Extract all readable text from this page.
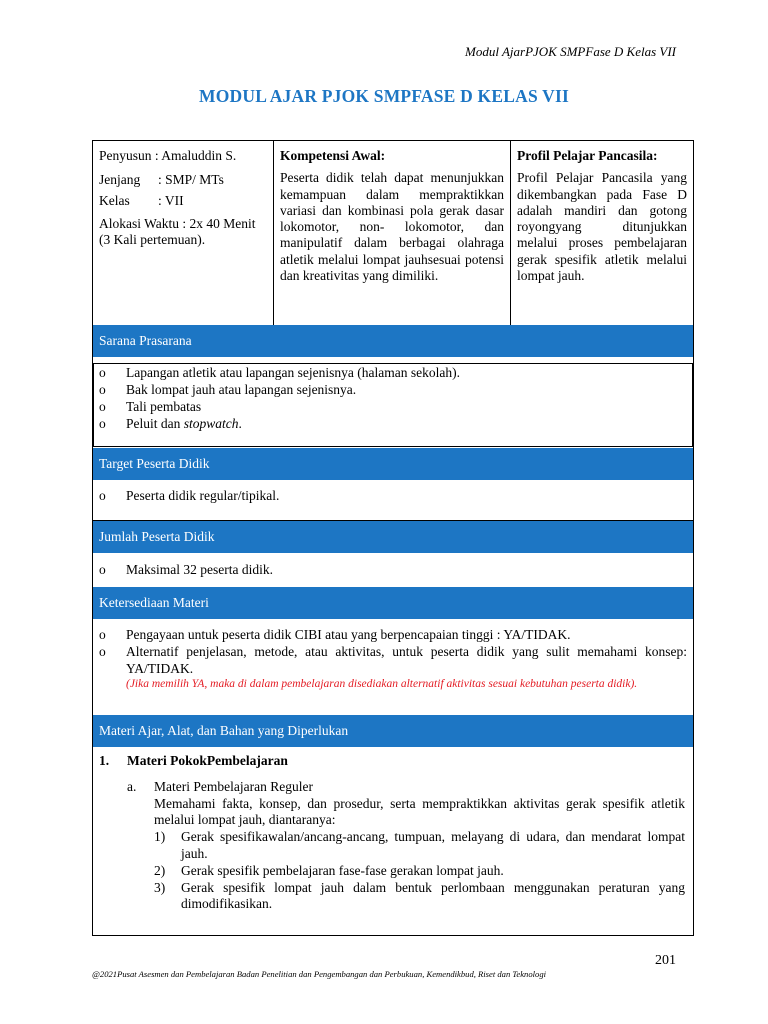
Modul AjarPJOK SMPFase D Kelas VII
MODUL AJAR PJOK SMPFASE D KELAS VII
Penyusun : Amaluddin S.
Jenjang : SMP/ MTs
Kelas : VII
Alokasi Waktu : 2x 40 Menit (3 Kali pertemuan).
Kompetensi Awal:
Peserta didik telah dapat menunjukkan kemampuan dalam mempraktikkan variasi dan kombinasi pola gerak dasar lokomotor, non- lokomotor, dan manipulatif dalam berbagai olahraga atletik melalui lompat jauhsesuai potensi dan kreativitas yang dimiliki.
Profil Pelajar Pancasila:
Profil Pelajar Pancasila yang dikembangkan pada Fase D adalah mandiri dan gotong royongyang ditunjukkan melalui proses pembelajaran gerak spesifik atletik melalui lompat jauh.
Sarana Prasarana
o Lapangan atletik atau lapangan sejenisnya (halaman sekolah).
o Bak lompat jauh atau lapangan sejenisnya.
o Tali pembatas
o Peluit dan stopwatch.
Target Peserta Didik
o Peserta didik regular/tipikal.
Jumlah Peserta Didik
o Maksimal 32 peserta didik.
Ketersediaan Materi
o Pengayaan untuk peserta didik CIBI atau yang berpencapaian tinggi : YA/TIDAK.
o Alternatif penjelasan, metode, atau aktivitas, untuk peserta didik yang sulit memahami konsep: YA/TIDAK.
(Jika memilih YA, maka di dalam pembelajaran disediakan alternatif aktivitas sesuai kebutuhan peserta didik).
Materi Ajar, Alat, dan Bahan yang Diperlukan
1. Materi PokokPembelajaran
a. Materi Pembelajaran Reguler
Memahami fakta, konsep, dan prosedur, serta mempraktikkan aktivitas gerak spesifik atletik melalui lompat jauh, diantaranya:
1) Gerak spesifikawalan/ancang-ancang, tumpuan, melayang di udara, dan mendarat lompat jauh.
2) Gerak spesifik pembelajaran fase-fase gerakan lompat jauh.
3) Gerak spesifik lompat jauh dalam bentuk perlombaan menggunakan peraturan yang dimodifikasikan.
201
@2021Pusat Asesmen dan Pembelajaran Badan Penelitian dan Pengembangan dan Perbukuan, Kemendikbud, Riset dan Teknologi
